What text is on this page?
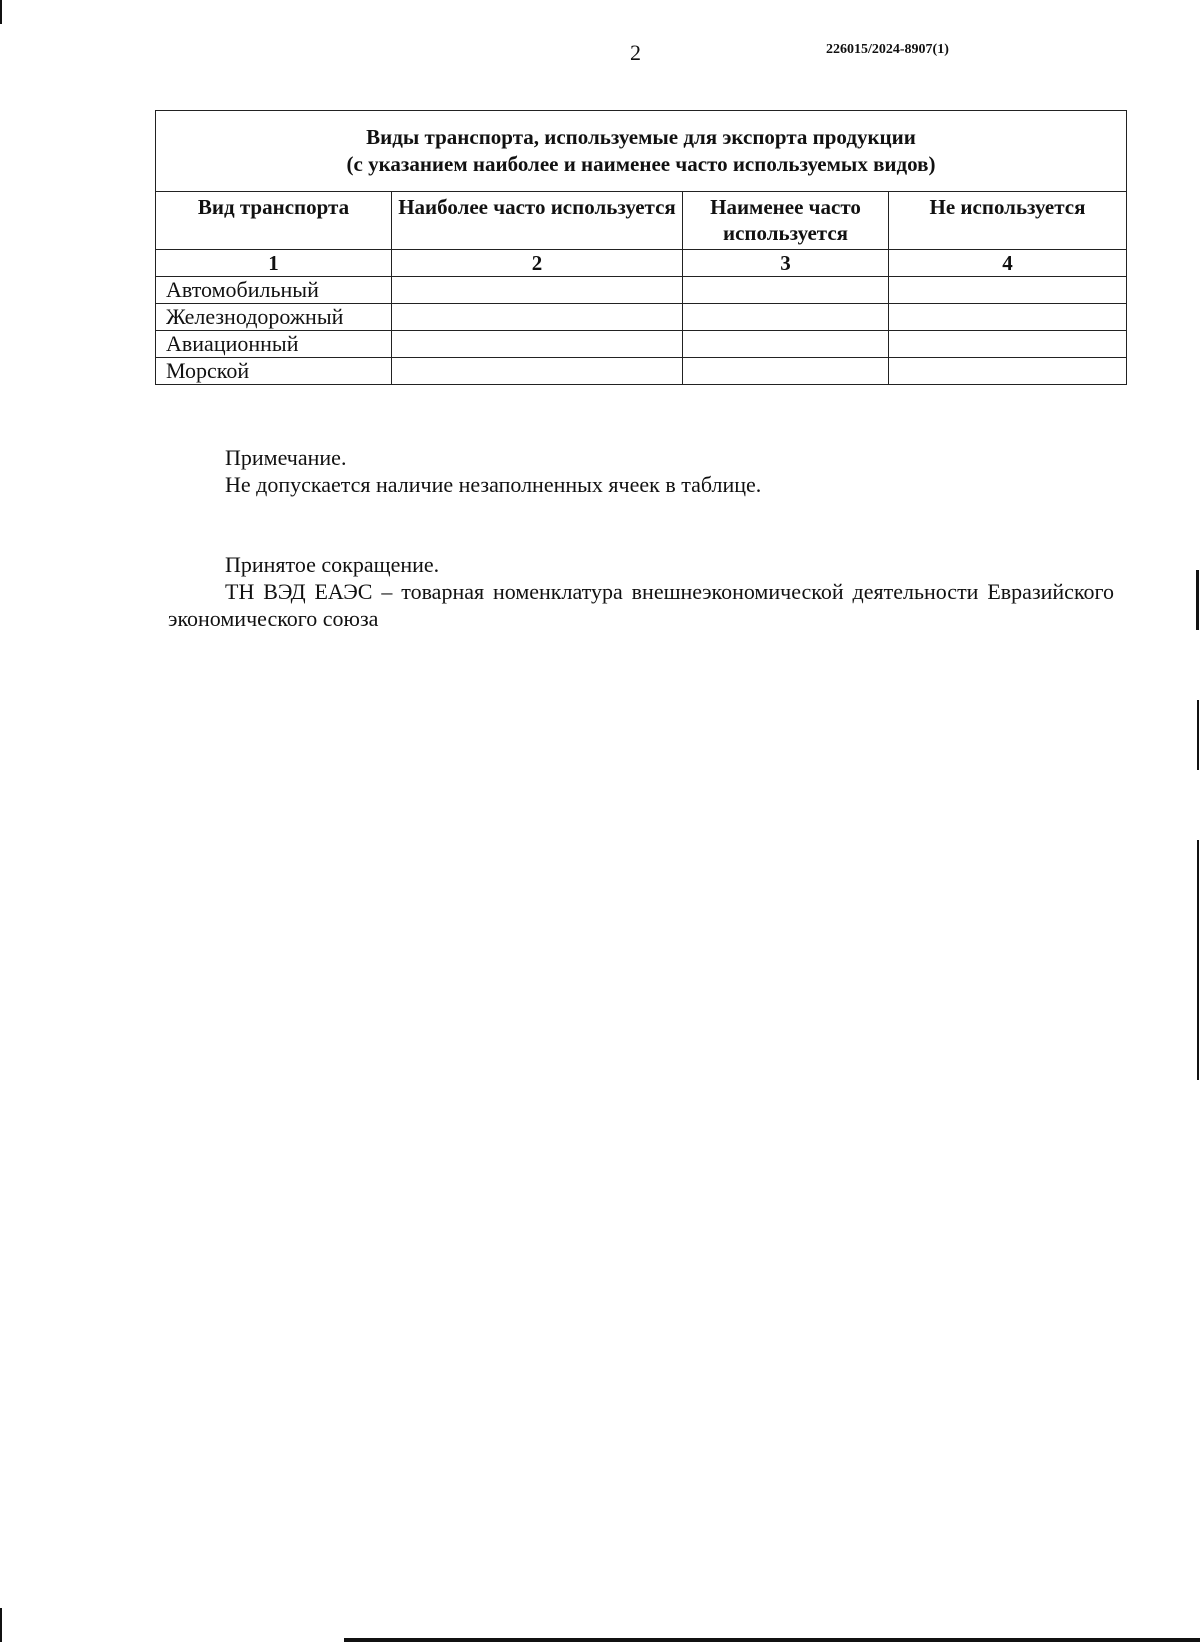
2	226015/2024-8907(1)
Виды транспорта, используемые для экспорта продукции
(с указанием наиболее и наименее часто используемых видов)			

Вид транспорта	Наиболее часто используется	Наименее часто используется	Не используется
1	2	3	4
Автомобильный			
Железнодорожный			
Авиационный			
Морской			
Примечание.
Не допускается наличие незаполненных ячеек в таблице.
Принятое сокращение.
ТН ВЭД ЕАЭС – товарная номенклатура внешнеэкономической деятельности Евразийского экономического союза
